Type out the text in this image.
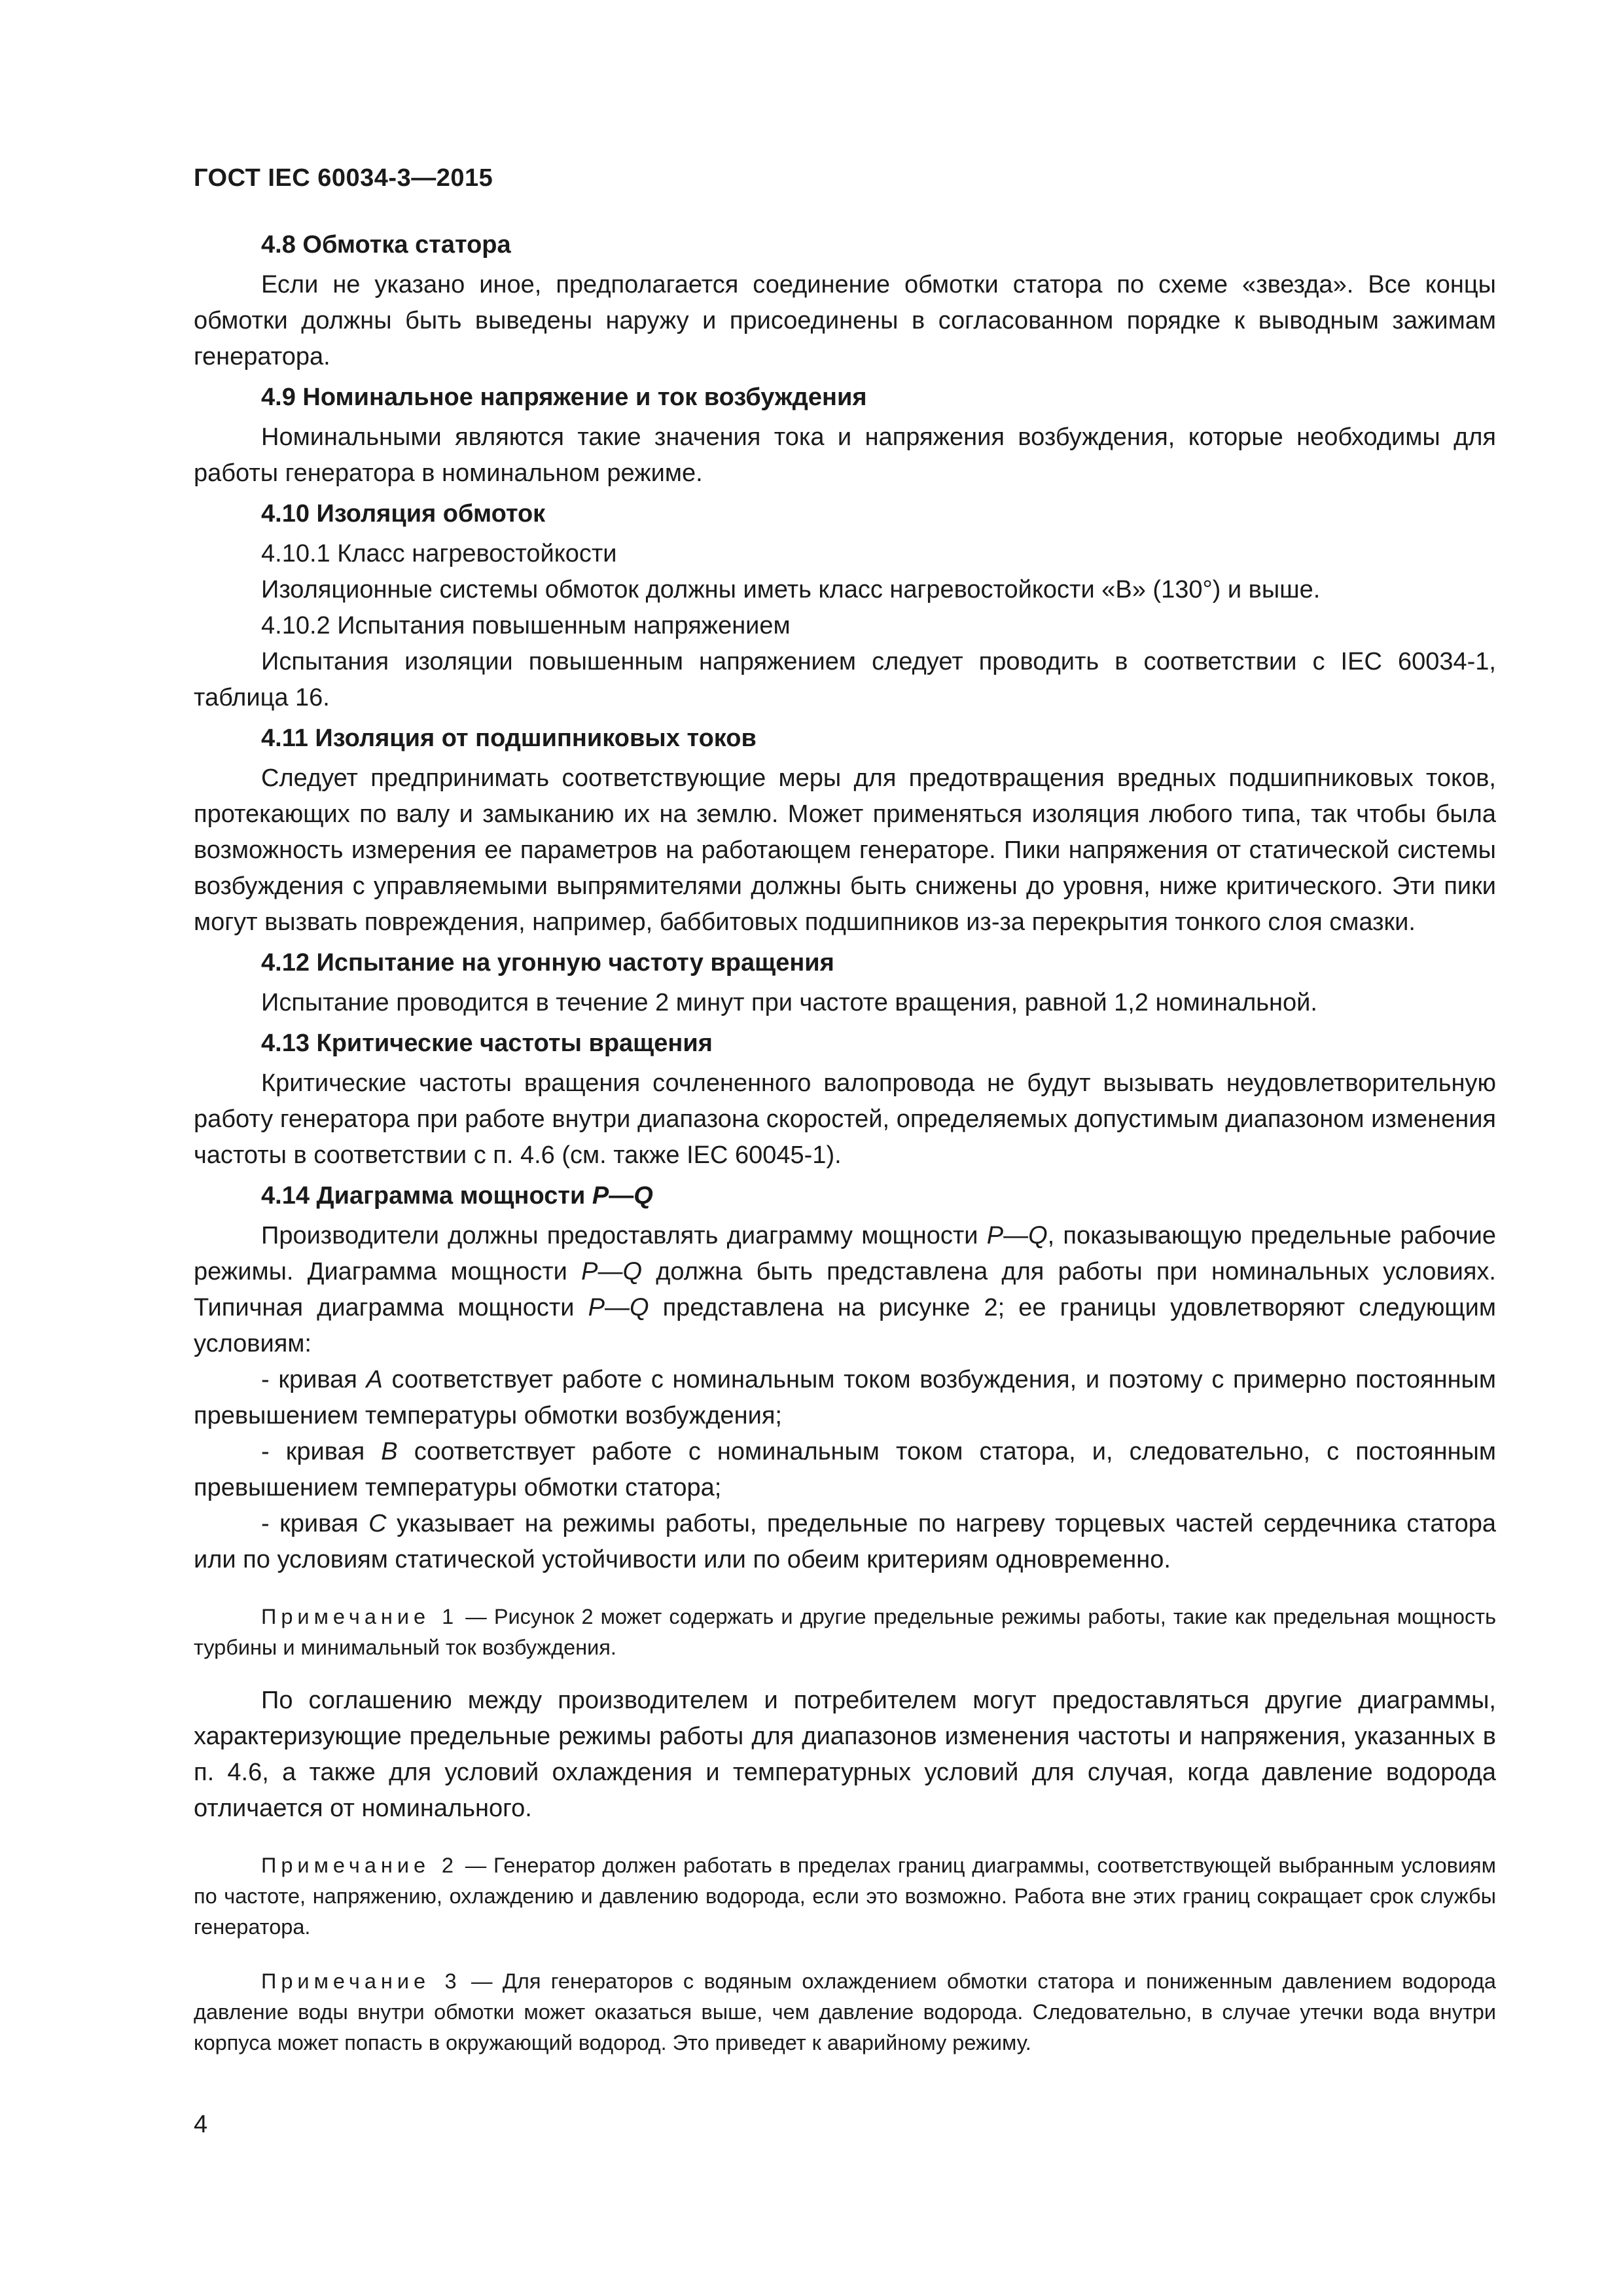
ГОСТ IEC 60034-3—2015
4.8 Обмотка статора

Если не указано иное, предполагается соединение обмотки статора по схеме «звезда». Все концы обмотки должны быть выведены наружу и присоединены в согласованном порядке к выводным зажимам генератора.

4.9 Номинальное напряжение и ток возбуждения

Номинальными являются такие значения тока и напряжения возбуждения, которые необходимы для работы генератора в номинальном режиме.

4.10 Изоляция обмоток

4.10.1 Класс нагревостойкости

Изоляционные системы обмоток должны иметь класс нагревостойкости «В» (130°) и выше.

4.10.2 Испытания повышенным напряжением

Испытания изоляции повышенным напряжением следует проводить в соответствии с IEC 60034-1, таблица 16.

4.11 Изоляция от подшипниковых токов

Следует предпринимать соответствующие меры для предотвращения вредных подшипниковых токов, протекающих по валу и замыканию их на землю. Может применяться изоляция любого типа, так чтобы была возможность измерения ее параметров на работающем генераторе. Пики напряжения от статической системы возбуждения с управляемыми выпрямителями должны быть снижены до уровня, ниже критического. Эти пики могут вызвать повреждения, например, баббитовых подшипников из-за перекрытия тонкого слоя смазки.

4.12 Испытание на угонную частоту вращения

Испытание проводится в течение 2 минут при частоте вращения, равной 1,2 номинальной.

4.13 Критические частоты вращения

Критические частоты вращения сочлененного валопровода не будут вызывать неудовлетворительную работу генератора при работе внутри диапазона скоростей, определяемых допустимым диапазоном изменения частоты в соответствии с п. 4.6 (см. также IEC 60045-1).

4.14 Диаграмма мощности P—Q

Производители должны предоставлять диаграмму мощности P—Q, показывающую предельные рабочие режимы. Диаграмма мощности P—Q должна быть представлена для работы при номинальных условиях. Типичная диаграмма мощности P—Q представлена на рисунке 2; ее границы удовлетворяют следующим условиям:

- кривая A соответствует работе с номинальным током возбуждения, и поэтому с примерно постоянным превышением температуры обмотки возбуждения;

- кривая B соответствует работе с номинальным током статора, и, следовательно, с постоянным превышением температуры обмотки статора;

- кривая C указывает на режимы работы, предельные по нагреву торцевых частей сердечника статора или по условиям статической устойчивости или по обеим критериям одновременно.

Примечание 1 — Рисунок 2 может содержать и другие предельные режимы работы, такие как предельная мощность турбины и минимальный ток возбуждения.

По соглашению между производителем и потребителем могут предоставляться другие диаграммы, характеризующие предельные режимы работы для диапазонов изменения частоты и напряжения, указанных в п. 4.6, а также для условий охлаждения и температурных условий для случая, когда давление водорода отличается от номинального.

Примечание 2 — Генератор должен работать в пределах границ диаграммы, соответствующей выбранным условиям по частоте, напряжению, охлаждению и давлению водорода, если это возможно. Работа вне этих границ сокращает срок службы генератора.

Примечание 3 — Для генераторов с водяным охлаждением обмотки статора и пониженным давлением водорода давление воды внутри обмотки может оказаться выше, чем давление водорода. Следовательно, в случае утечки вода внутри корпуса может попасть в окружающий водород. Это приведет к аварийному режиму.

4
